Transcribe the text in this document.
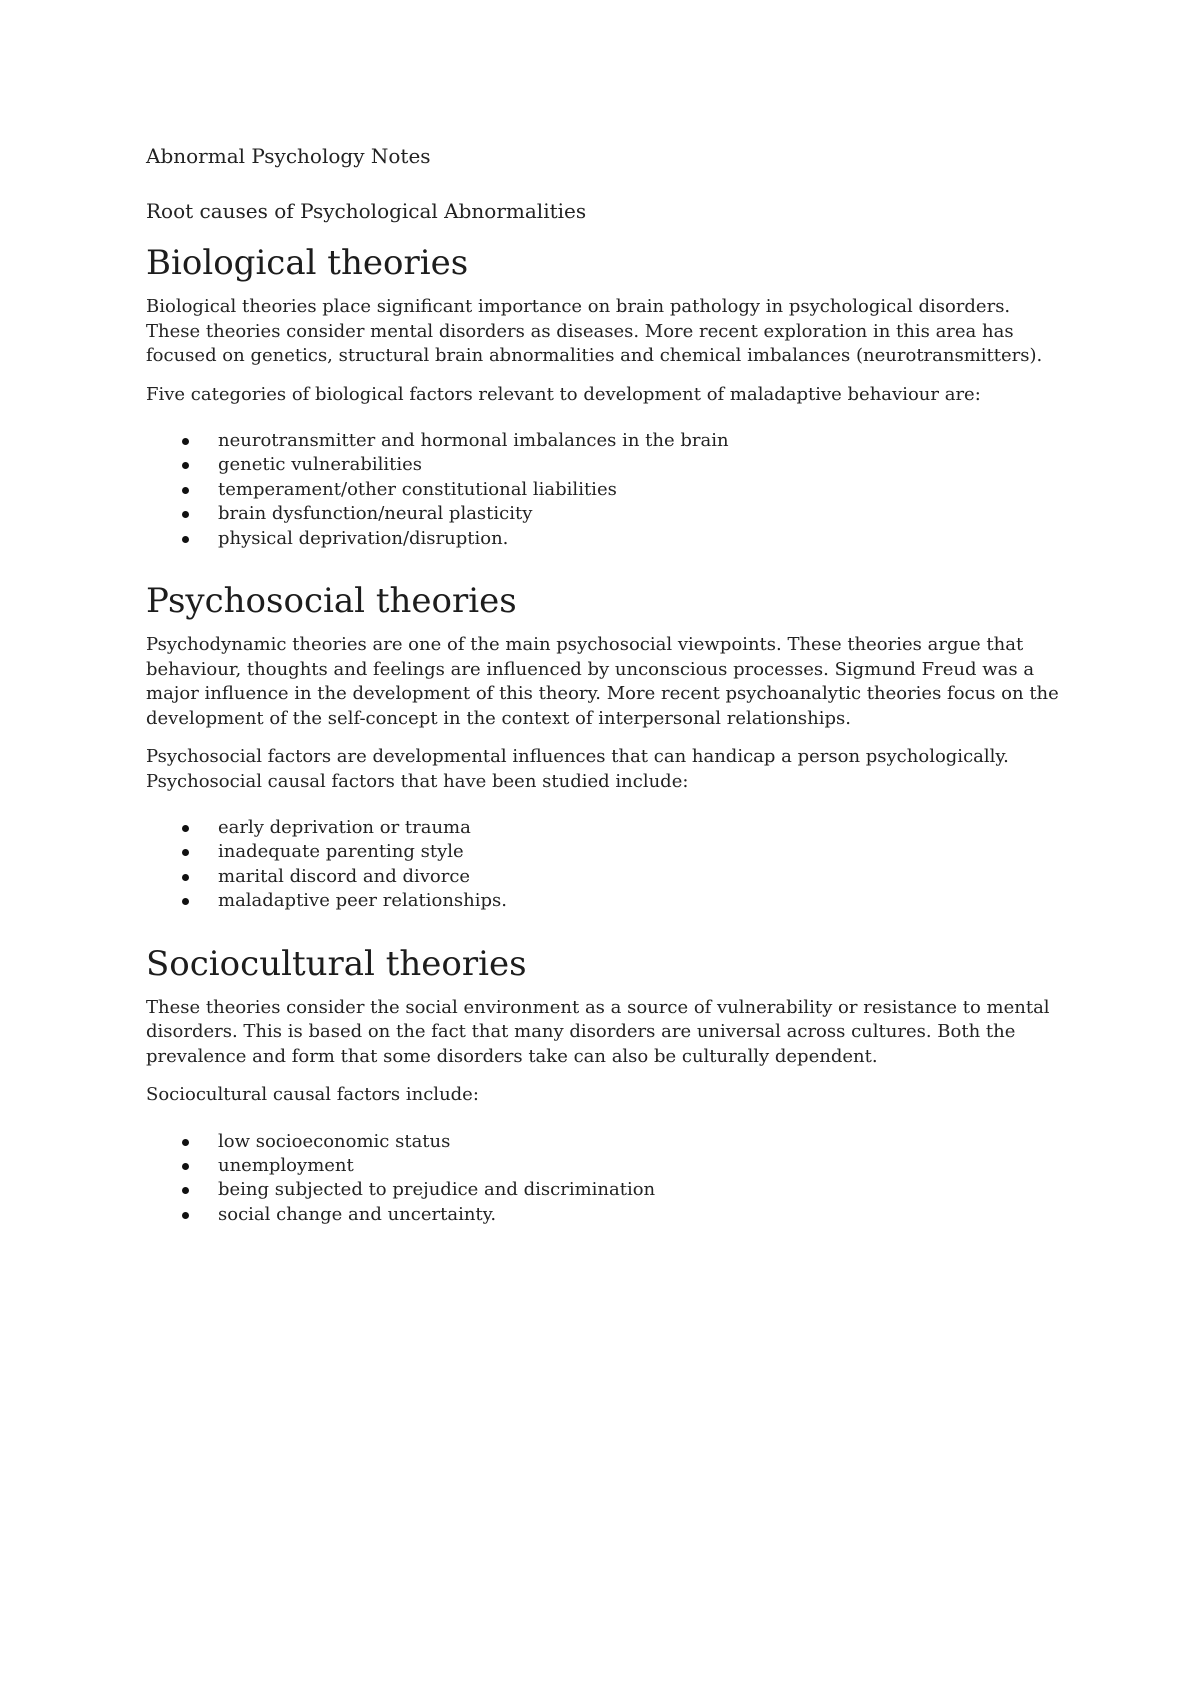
Abnormal Psychology Notes

Root causes of Psychological Abnormalities

Biological theories

Biological theories place significant importance on brain pathology in psychological disorders. These theories consider mental disorders as diseases. More recent exploration in this area has focused on genetics, structural brain abnormalities and chemical imbalances (neurotransmitters).

Five categories of biological factors relevant to development of maladaptive behaviour are:

neurotransmitter and hormonal imbalances in the brain
genetic vulnerabilities
temperament/other constitutional liabilities
brain dysfunction/neural plasticity
physical deprivation/disruption.
Psychosocial theories

Psychodynamic theories are one of the main psychosocial viewpoints. These theories argue that behaviour, thoughts and feelings are influenced by unconscious processes. Sigmund Freud was a major influence in the development of this theory. More recent psychoanalytic theories focus on the development of the self-concept in the context of interpersonal relationships.

Psychosocial factors are developmental influences that can handicap a person psychologically. Psychosocial causal factors that have been studied include:

early deprivation or trauma
inadequate parenting style
marital discord and divorce
maladaptive peer relationships.
Sociocultural theories

These theories consider the social environment as a source of vulnerability or resistance to mental disorders. This is based on the fact that many disorders are universal across cultures. Both the prevalence and form that some disorders take can also be culturally dependent.

Sociocultural causal factors include:

low socioeconomic status
unemployment
being subjected to prejudice and discrimination
social change and uncertainty.
